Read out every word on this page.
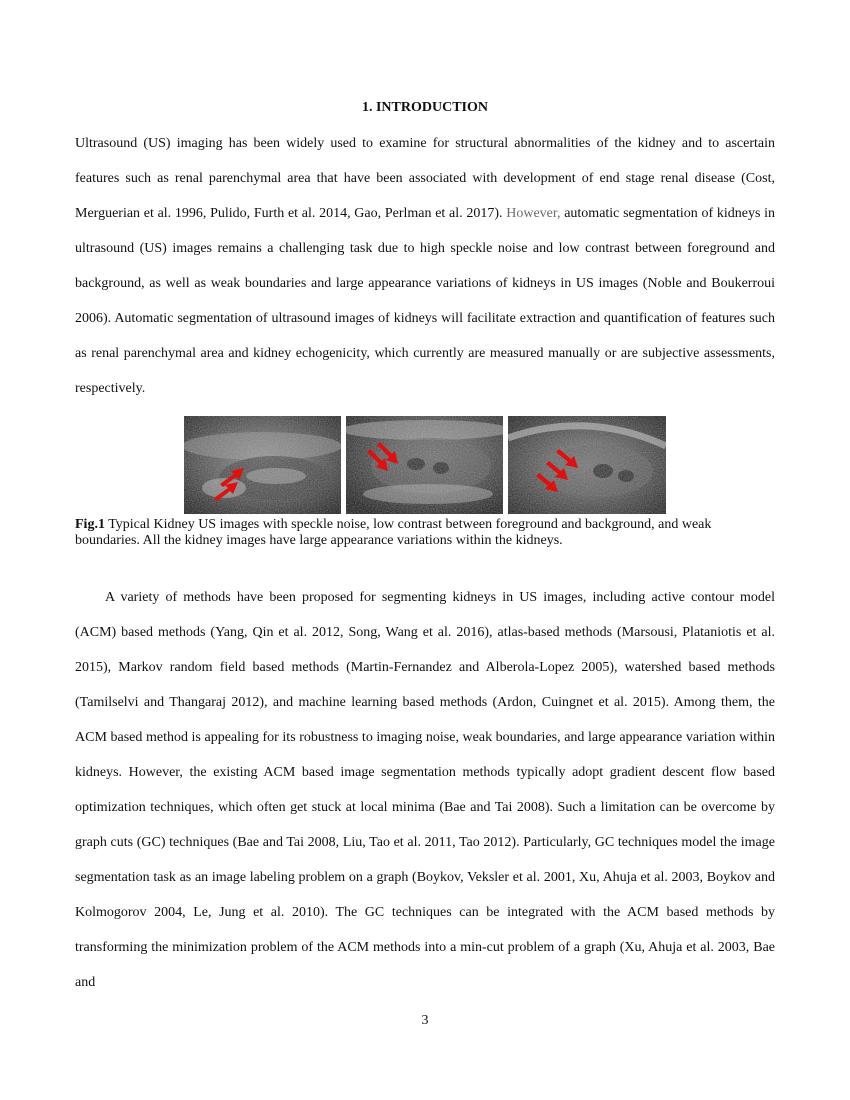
1. INTRODUCTION

Ultrasound (US) imaging has been widely used to examine for structural abnormalities of the kidney and to ascertain features such as renal parenchymal area that have been associated with development of end stage renal disease (Cost, Merguerian et al. 1996, Pulido, Furth et al. 2014, Gao, Perlman et al. 2017). However, automatic segmentation of kidneys in ultrasound (US) images remains a challenging task due to high speckle noise and low contrast between foreground and background, as well as weak boundaries and large appearance variations of kidneys in US images (Noble and Boukerroui 2006). Automatic segmentation of ultrasound images of kidneys will facilitate extraction and quantification of features such as renal parenchymal area and kidney echogenicity, which currently are measured manually or are subjective assessments, respectively.

Fig.1 Typical Kidney US images with speckle noise, low contrast between foreground and background, and weak boundaries. All the kidney images have large appearance variations within the kidneys.

A variety of methods have been proposed for segmenting kidneys in US images, including active contour model (ACM) based methods (Yang, Qin et al. 2012, Song, Wang et al. 2016), atlas-based methods (Marsousi, Plataniotis et al. 2015), Markov random field based methods (Martin-Fernandez and Alberola-Lopez 2005), watershed based methods (Tamilselvi and Thangaraj 2012), and machine learning based methods (Ardon, Cuingnet et al. 2015). Among them, the ACM based method is appealing for its robustness to imaging noise, weak boundaries, and large appearance variation within kidneys. However, the existing ACM based image segmentation methods typically adopt gradient descent flow based optimization techniques, which often get stuck at local minima (Bae and Tai 2008). Such a limitation can be overcome by graph cuts (GC) techniques (Bae and Tai 2008, Liu, Tao et al. 2011, Tao 2012). Particularly, GC techniques model the image segmentation task as an image labeling problem on a graph (Boykov, Veksler et al. 2001, Xu, Ahuja et al. 2003, Boykov and Kolmogorov 2004, Le, Jung et al. 2010). The GC techniques can be integrated with the ACM based methods by transforming the minimization problem of the ACM methods into a min-cut problem of a graph (Xu, Ahuja et al. 2003, Bae and

3
